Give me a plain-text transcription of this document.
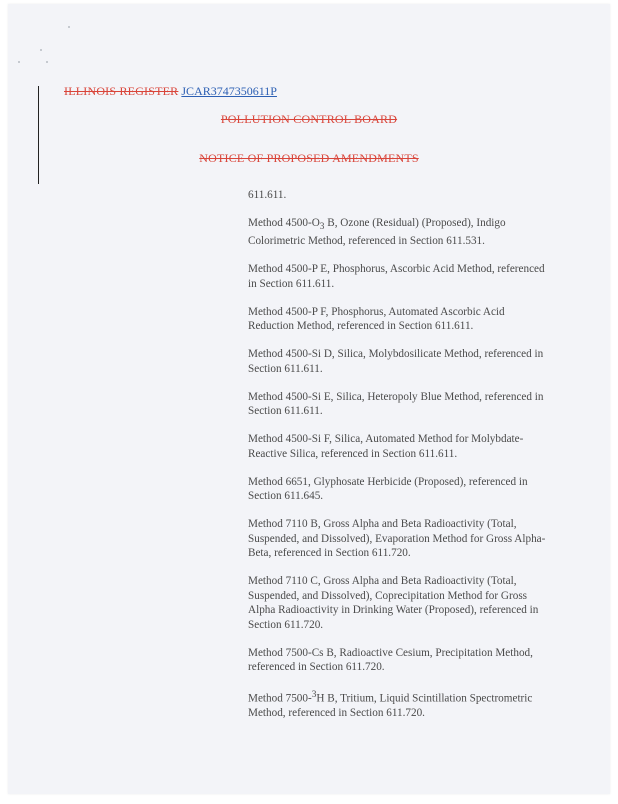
ILLINOIS REGISTER JCAR3747350611P
POLLUTION CONTROL BOARD
NOTICE OF PROPOSED AMENDMENTS

611.611.

Method $4500-O_3$ B, Ozone (Residual) (Proposed), Indigo Colorimetric Method, referenced in Section 611.531.

Method 4500-P E, Phosphorus, Ascorbic Acid Method, referenced in Section 611.611.

Method 4500-P F, Phosphorus, Automated Ascorbic Acid Reduction Method, referenced in Section 611.611.

Method 4500-Si D, Silica, Molybdosilicate Method, referenced in Section 611.611.

Method 4500-Si E, Silica, Heteropoly Blue Method, referenced in Section 611.611.

Method 4500-Si F, Silica, Automated Method for Molybdate-Reactive Silica, referenced in Section 611.611.

Method 6651, Glyphosate Herbicide (Proposed), referenced in Section 611.645.

Method 7110 B, Gross Alpha and Beta Radioactivity (Total, Suspended, and Dissolved), Evaporation Method for Gross Alpha-Beta, referenced in Section 611.720.

Method 7110 C, Gross Alpha and Beta Radioactivity (Total, Suspended, and Dissolved), Coprecipitation Method for Gross Alpha Radioactivity in Drinking Water (Proposed), referenced in Section 611.720.

Method 7500-Cs B, Radioactive Cesium, Precipitation Method, referenced in Section 611.720.

Method 7500-$^3$H B, Tritium, Liquid Scintillation Spectrometric Method, referenced in Section 611.720.
